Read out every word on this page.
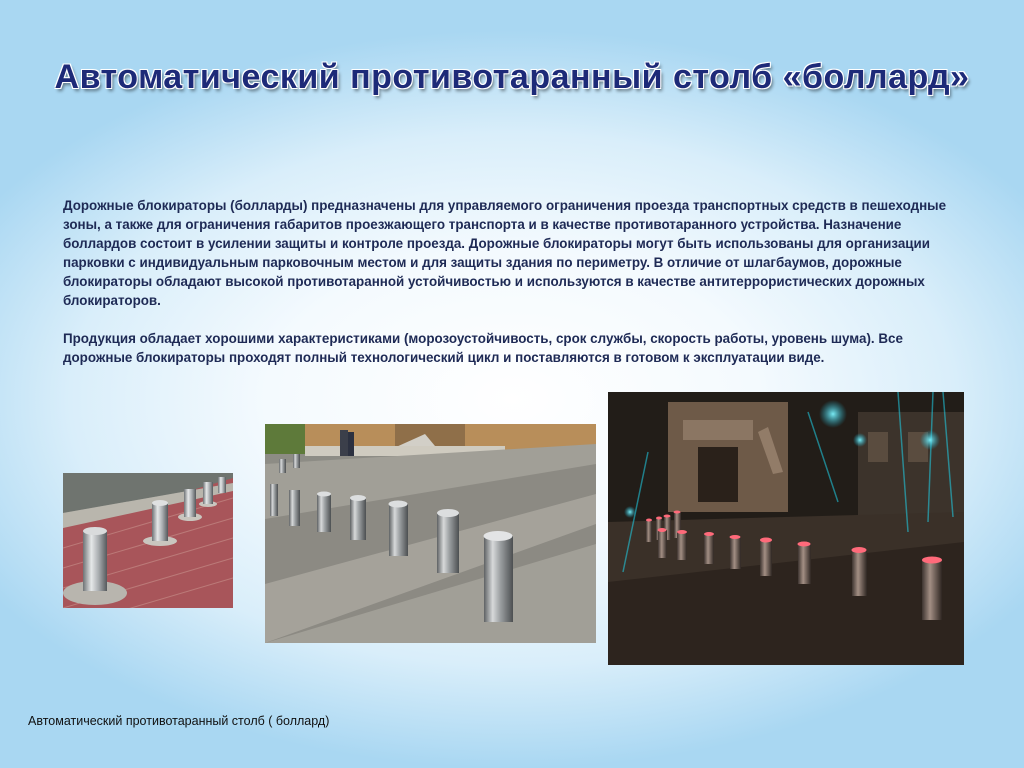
Автоматический противотаранный столб «боллард»

Дорожные блокираторы (болларды) предназначены для управляемого ограничения проезда транспортных средств в пешеходные зоны, а также для ограничения габаритов проезжающего транспорта и в качестве противотаранного устройства. Назначение боллардов состоит в усилении защиты и контроле проезда. Дорожные блокираторы могут быть использованы для организации парковки с индивидуальным парковочным местом и для защиты здания по периметру. В отличие от шлагбаумов, дорожные блокираторы обладают высокой противотаранной устойчивостью и используются в качестве антитеррористических дорожных блокираторов.

Продукция обладает хорошими характеристиками (морозоустойчивость, срок службы, скорость работы, уровень шума). Все дорожные блокираторы проходят полный технологический цикл и поставляются в готовом к эксплуатации виде.

Автоматический противотаранный столб ( боллард)
